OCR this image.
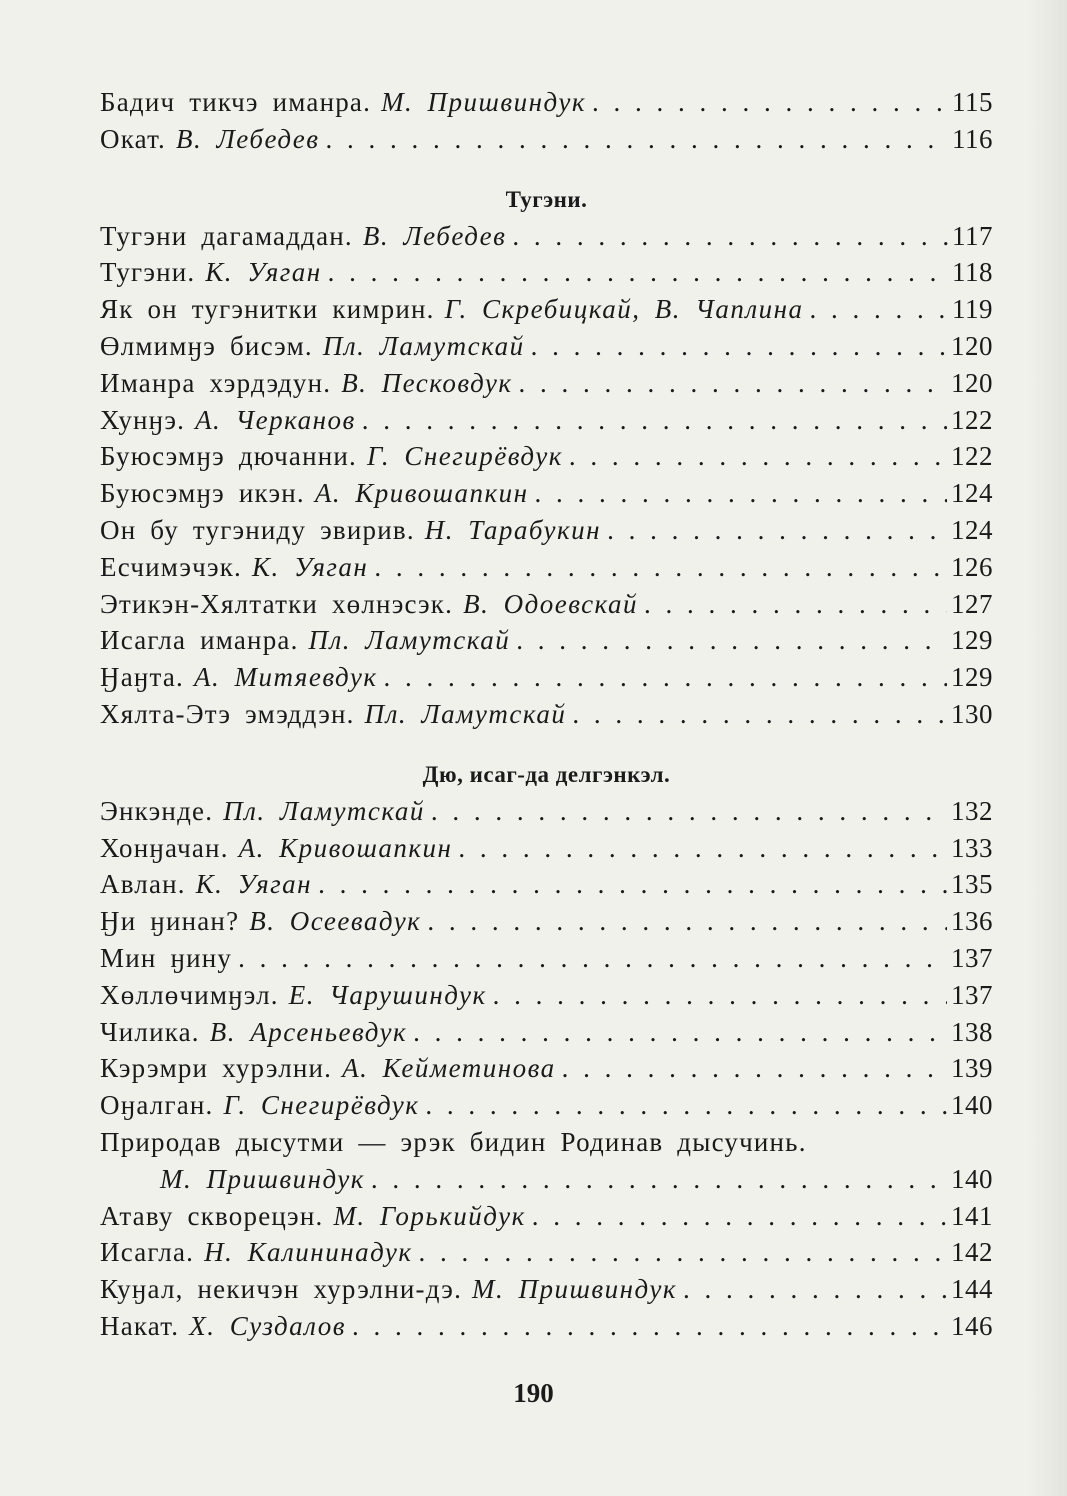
Бадич тикчэ иманра. М. Пришвиндук . . .	115
Окат. В. Лебедев . . .	116
Тугэни.
Тугэни дагамаддан. В. Лебедев . . .	117
Тугэни. К. Уяган . . .	118
Як он тугэнитки кимрин. Г. Скребицкай, В. Чаплина . . .	119
Өлмимӈэ бисэм. Пл. Ламутскай . . .	120
Иманра хэрдэдун. В. Песковдук . . .	120
Хунӈэ. А. Черканов . . .	122
Буюсэмӈэ дючанни. Г. Снегирёвдук . . .	122
Буюсэмӈэ икэн. А. Кривошапкин . . .	124
Он бу тугэниду эвирив. Н. Тарабукин . . .	124
Есчимэчэк. К. Уяган . . .	126
Этикэн-Хялтатки хөлнэсэк. В. Одоевскай . . .	127
Исагла иманра. Пл. Ламутскай . . .	129
Ӈаӈта. А. Митяевдук . . .	129
Хялта-Этэ эмэддэн. Пл. Ламутскай . . .	130
Дю, исаг-да делгэнкэл.
Энкэнде. Пл. Ламутскай . . .	132
Хонӈачан. А. Кривошапкин . . .	133
Авлан. К. Уяган . . .	135
Ӈи ӈинан? В. Осеевадук . . .	136
Мин ӈину . . .	137
Хөллөчимӈэл. Е. Чарушиндук . . .	137
Чилика. В. Арсеньевдук . . .	138
Кэрэмри хурэлни. А. Кейметинова . . .	139
Оӈалган. Г. Снегирёвдук . . .	140
Природав дысутми — эрэк бидин Родинав дысучинь.
М. Пришвиндук . . .	140
Атаву скворецэн. М. Горькийдук . . .	141
Исагла. Н. Калининадук . . .	142
Куӈал, некичэн хурэлни-дэ. М. Пришвиндук . . .	144
Накат. Х. Суздалов . . .	146
190
